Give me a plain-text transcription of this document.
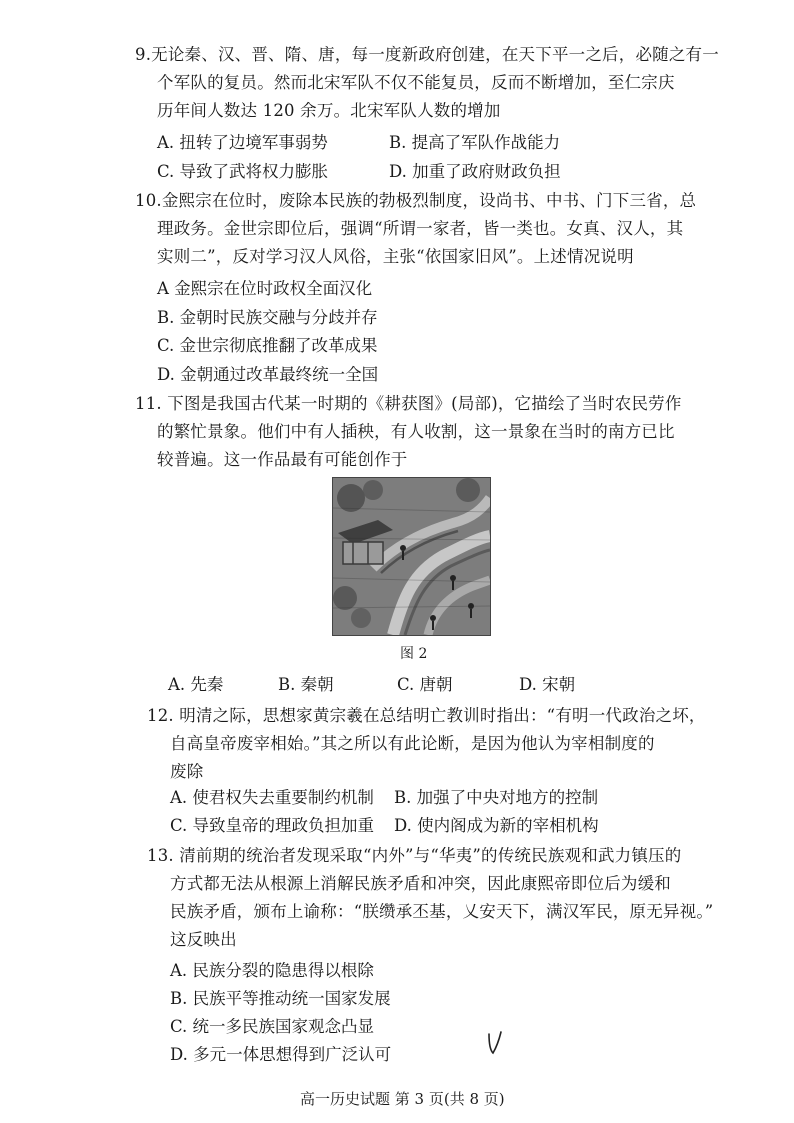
9.无论秦、汉、晋、隋、唐，每一度新政府创建，在天下平一之后，必随之有一
个军队的复员。然而北宋军队不仅不能复员，反而不断增加，至仁宗庆
历年间人数达 120 余万。北宋军队人数的增加
A. 扭转了边境军事弱势	B. 提高了军队作战能力
C. 导致了武将权力膨胀	D. 加重了政府财政负担
10.金熙宗在位时，废除本民族的勃极烈制度，设尚书、中书、门下三省，总
理政务。金世宗即位后，强调“所谓一家者，皆一类也。女真、汉人，其
实则二”，反对学习汉人风俗，主张“依国家旧风”。上述情况说明
A 金熙宗在位时政权全面汉化
B. 金朝时民族交融与分歧并存
C. 金世宗彻底推翻了改革成果
D. 金朝通过改革最终统一全国
11. 下图是我国古代某一时期的《耕获图》(局部)，它描绘了当时农民劳作
的繁忙景象。他们中有人插秧，有人收割，这一景象在当时的南方已比
较普遍。这一作品最有可能创作于
图 2
A. 先秦	B. 秦朝	C. 唐朝	D. 宋朝
12. 明清之际，思想家黄宗羲在总结明亡教训时指出：“有明一代政治之坏，
自高皇帝废宰相始。”其之所以有此论断，是因为他认为宰相制度的
废除
A. 使君权失去重要制约机制 B. 加强了中央对地方的控制
C. 导致皇帝的理政负担加重 D. 使内阁成为新的宰相机构
13. 清前期的统治者发现采取“内外”与“华夷”的传统民族观和武力镇压的
方式都无法从根源上消解民族矛盾和冲突，因此康熙帝即位后为缓和
民族矛盾，颁布上谕称：“朕缵承丕基，乂安天下，满汉军民，原无异视。”
这反映出
A. 民族分裂的隐患得以根除
B. 民族平等推动统一国家发展
C. 统一多民族国家观念凸显
D. 多元一体思想得到广泛认可
高一历史试题 第 3 页(共 8 页)
